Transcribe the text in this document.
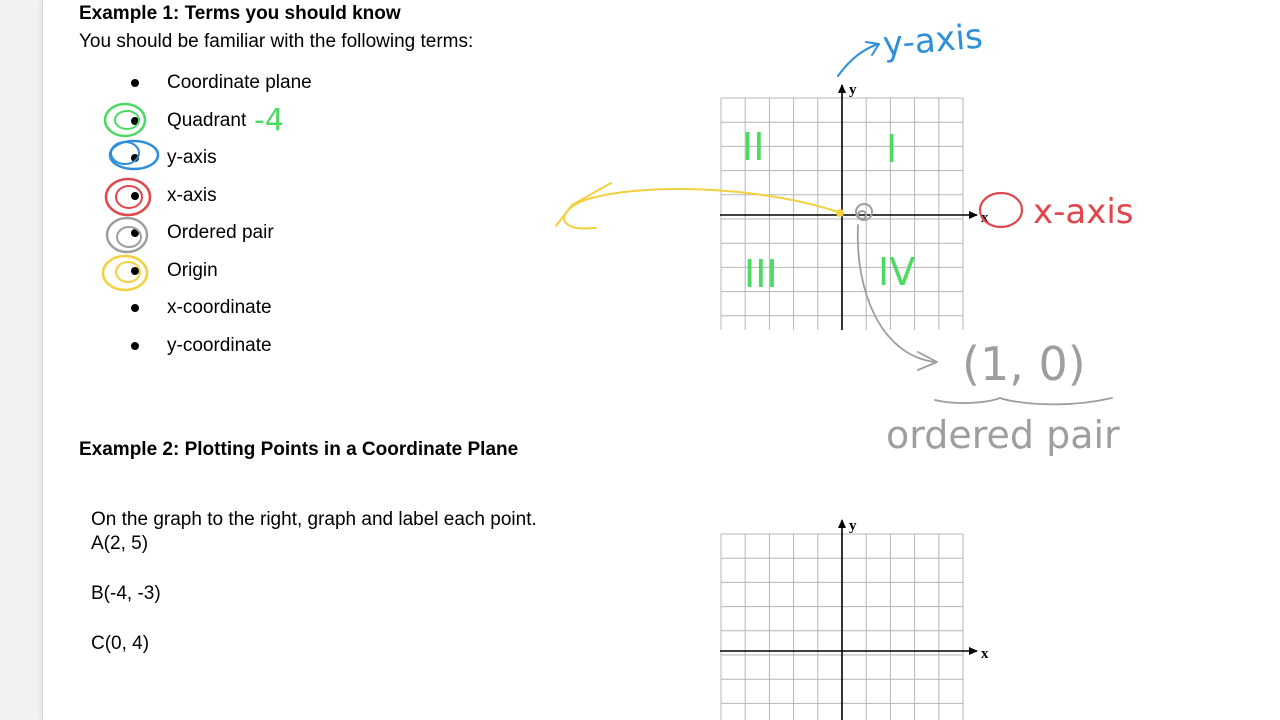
Example 1: Terms you should know
You should be familiar with the following terms:
Coordinate plane
Quadrant
y-axis
x-axis
Ordered pair
Origin
x-coordinate
y-coordinate
Example 2: Plotting Points in a Coordinate Plane
On the graph to the right, graph and label each point.
A(2, 5)
B(-4, -3)
C(0, 4)
x
y
x
y
-4
y-axis
x-axis
II	I
III	IV
(1, 0)
ordered pair
